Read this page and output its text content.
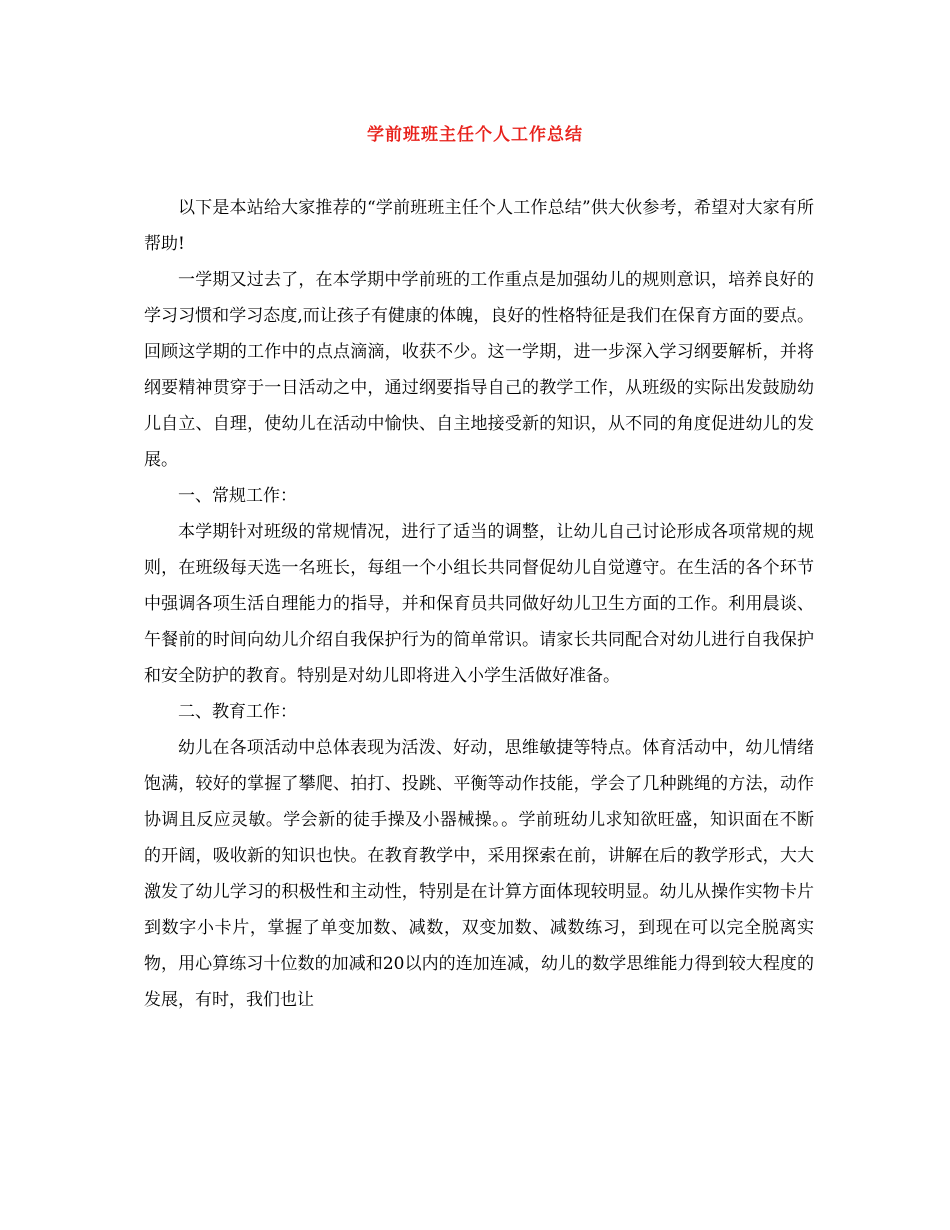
学前班班主任个人工作总结

以下是本站给大家推荐的“学前班班主任个人工作总结”供大伙参考，希望对大家有所帮助!

一学期又过去了，在本学期中学前班的工作重点是加强幼儿的规则意识，培养良好的学习习惯和学习态度,而让孩子有健康的体魄，良好的性格特征是我们在保育方面的要点。回顾这学期的工作中的点点滴滴，收获不少。这一学期，进一步深入学习纲要解析，并将纲要精神贯穿于一日活动之中，通过纲要指导自己的教学工作，从班级的实际出发鼓励幼儿自立、自理，使幼儿在活动中愉快、自主地接受新的知识，从不同的角度促进幼儿的发展。

一、常规工作：

本学期针对班级的常规情况，进行了适当的调整，让幼儿自己讨论形成各项常规的规则，在班级每天选一名班长，每组一个小组长共同督促幼儿自觉遵守。在生活的各个环节中强调各项生活自理能力的指导，并和保育员共同做好幼儿卫生方面的工作。利用晨谈、午餐前的时间向幼儿介绍自我保护行为的简单常识。请家长共同配合对幼儿进行自我保护和安全防护的教育。特别是对幼儿即将进入小学生活做好准备。

二、教育工作：

幼儿在各项活动中总体表现为活泼、好动，思维敏捷等特点。体育活动中，幼儿情绪饱满，较好的掌握了攀爬、拍打、投跳、平衡等动作技能，学会了几种跳绳的方法，动作协调且反应灵敏。学会新的徒手操及小器械操。。学前班幼儿求知欲旺盛，知识面在不断的开阔，吸收新的知识也快。在教育教学中，采用探索在前，讲解在后的教学形式，大大激发了幼儿学习的积极性和主动性，特别是在计算方面体现较明显。幼儿从操作实物卡片到数字小卡片，掌握了单变加数、减数，双变加数、减数练习，到现在可以完全脱离实物，用心算练习十位数的加减和20以内的连加连减，幼儿的数学思维能力得到较大程度的发展，有时，我们也让
